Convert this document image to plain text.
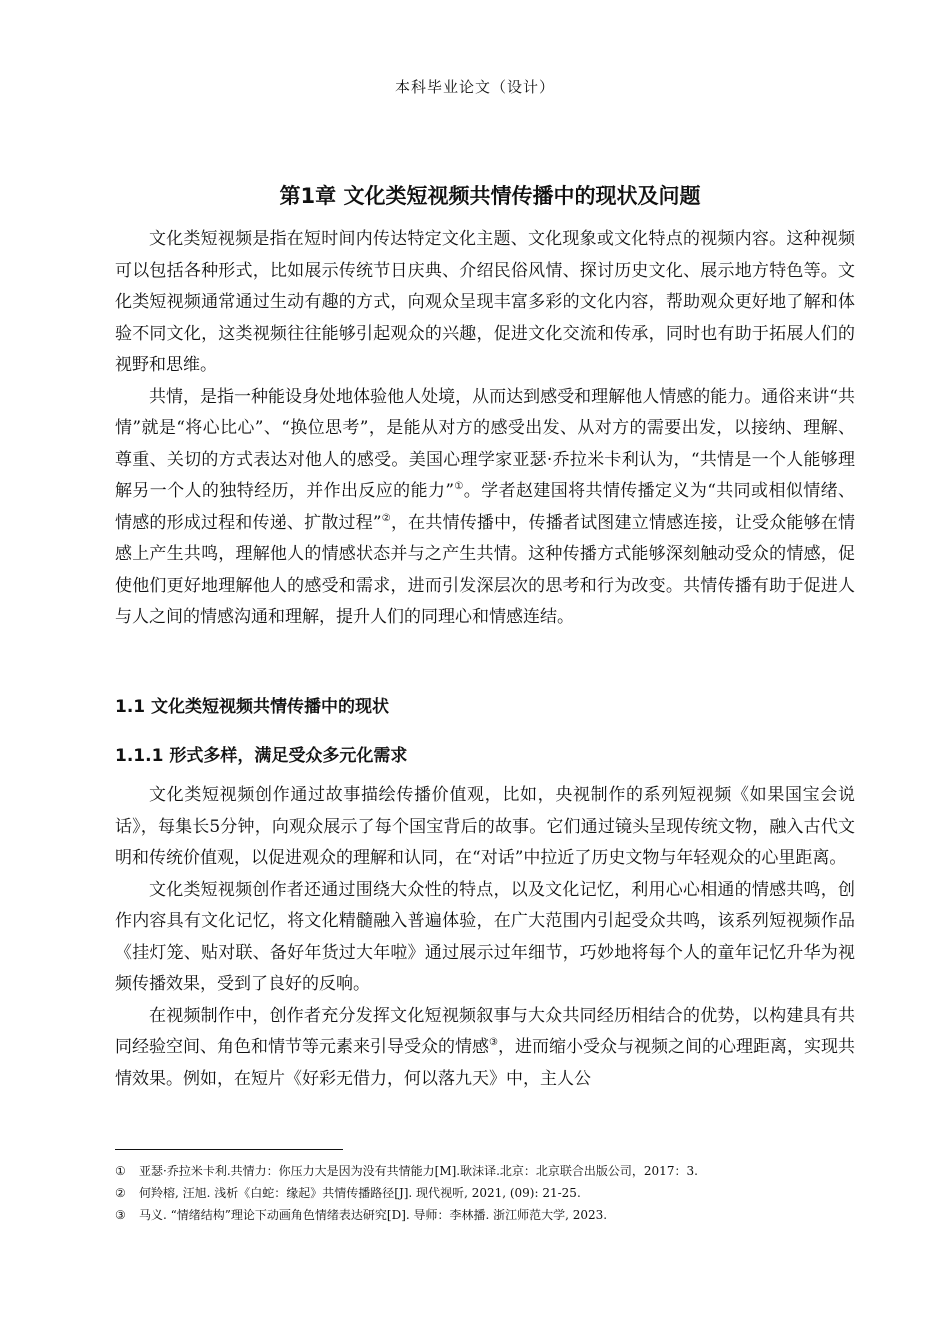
本科毕业论文（设计）
第1章 文化类短视频共情传播中的现状及问题

文化类短视频是指在短时间内传达特定文化主题、文化现象或文化特点的视频内容。这种视频可以包括各种形式，比如展示传统节日庆典、介绍民俗风情、探讨历史文化、展示地方特色等。文化类短视频通常通过生动有趣的方式，向观众呈现丰富多彩的文化内容，帮助观众更好地了解和体验不同文化，这类视频往往能够引起观众的兴趣，促进文化交流和传承，同时也有助于拓展人们的视野和思维。

共情，是指一种能设身处地体验他人处境，从而达到感受和理解他人情感的能力。通俗来讲“共情”就是“将心比心”、“换位思考”，是能从对方的感受出发、从对方的需要出发，以接纳、理解、尊重、关切的方式表达对他人的感受。美国心理学家亚瑟·乔拉米卡利认为，“共情是一个人能够理解另一个人的独特经历，并作出反应的能力”①。学者赵建国将共情传播定义为“共同或相似情绪、情感的形成过程和传递、扩散过程”②，在共情传播中，传播者试图建立情感连接，让受众能够在情感上产生共鸣，理解他人的情感状态并与之产生共情。这种传播方式能够深刻触动受众的情感，促使他们更好地理解他人的感受和需求，进而引发深层次的思考和行为改变。共情传播有助于促进人与人之间的情感沟通和理解，提升人们的同理心和情感连结。

1.1 文化类短视频共情传播中的现状
1.1.1 形式多样，满足受众多元化需求

文化类短视频创作通过故事描绘传播价值观，比如，央视制作的系列短视频《如果国宝会说话》，每集长5分钟，向观众展示了每个国宝背后的故事。它们通过镜头呈现传统文物，融入古代文明和传统价值观，以促进观众的理解和认同，在“对话”中拉近了历史文物与年轻观众的心里距离。

文化类短视频创作者还通过围绕大众性的特点，以及文化记忆，利用心心相通的情感共鸣，创作内容具有文化记忆，将文化精髓融入普遍体验，在广大范围内引起受众共鸣，该系列短视频作品《挂灯笼、贴对联、备好年货过大年啦》通过展示过年细节，巧妙地将每个人的童年记忆升华为视频传播效果，受到了良好的反响。

在视频制作中，创作者充分发挥文化短视频叙事与大众共同经历相结合的优势，以构建具有共同经验空间、角色和情节等元素来引导受众的情感③，进而缩小受众与视频之间的心理距离，实现共情效果。例如，在短片《好彩无借力，何以落九天》中，主人公

① 亚瑟·乔拉米卡利.共情力：你压力大是因为没有共情能力[M].耿沫译.北京：北京联合出版公司，2017：3.
② 何羚榕, 汪旭. 浅析《白蛇：缘起》共情传播路径[J]. 现代视听, 2021, (09): 21-25.
③ 马义. “情绪结构”理论下动画角色情绪表达研究[D]. 导师：李林播. 浙江师范大学, 2023.
